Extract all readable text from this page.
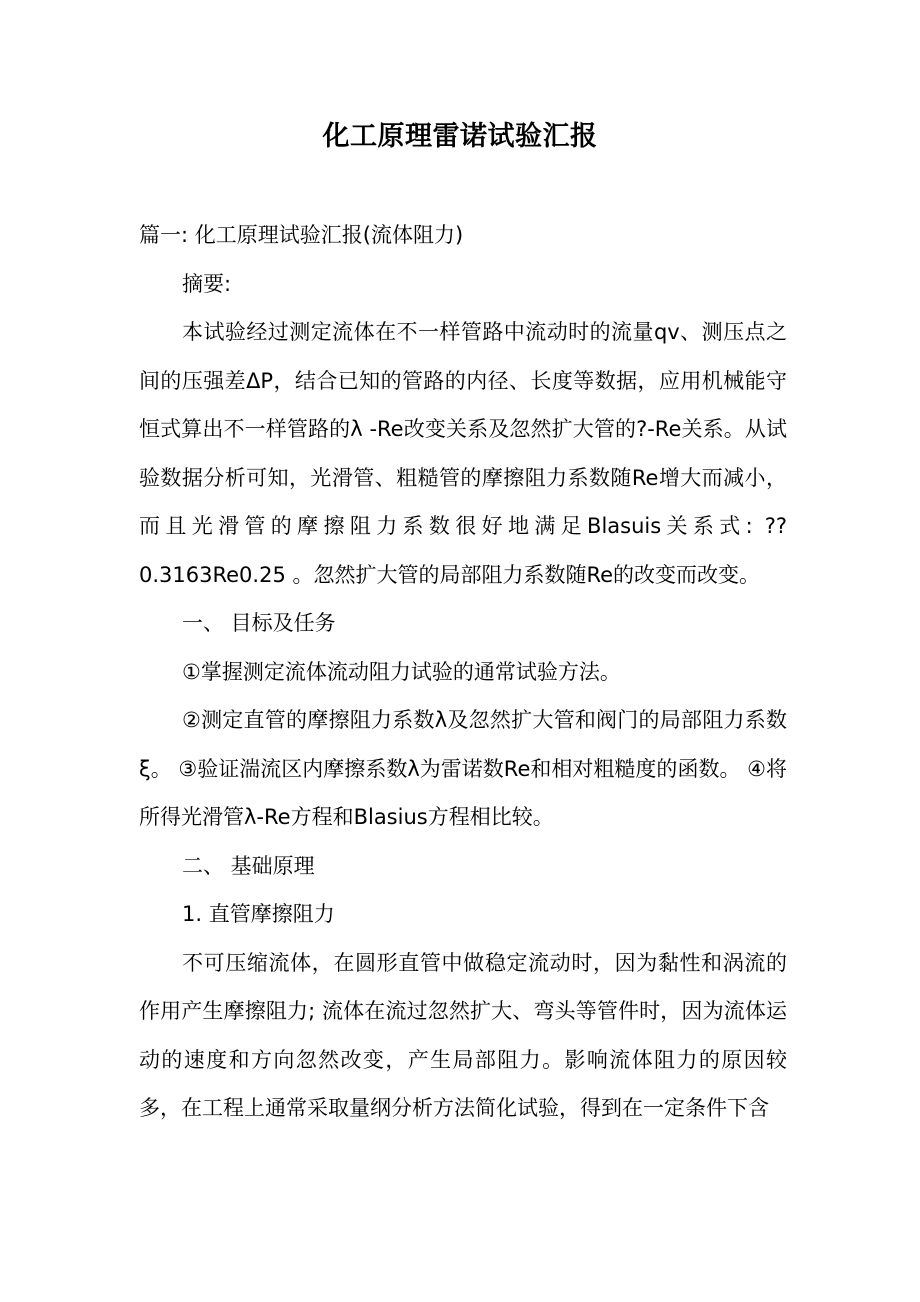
化工原理雷诺试验汇报

篇一: 化工原理试验汇报(流体阻力)

摘要:

本试验经过测定流体在不一样管路中流动时的流量qv、测压点之间的压强差ΔP，结合已知的管路的内径、长度等数据，应用机械能守恒式算出不一样管路的λ -Re改变关系及忽然扩大管的?-Re关系。从试验数据分析可知，光滑管、粗糙管的摩擦阻力系数随Re增大而减小，而且光滑管的摩擦阻力系数很好地满足Blasuis关系式: ??0.3163Re0.25 。忽然扩大管的局部阻力系数随Re的改变而改变。

一、 目标及任务

①掌握测定流体流动阻力试验的通常试验方法。

②测定直管的摩擦阻力系数λ及忽然扩大管和阀门的局部阻力系数ξ。 ③验证湍流区内摩擦系数λ为雷诺数Re和相对粗糙度的函数。 ④将所得光滑管λ-Re方程和Blasius方程相比较。

二、 基础原理

1. 直管摩擦阻力

不可压缩流体，在圆形直管中做稳定流动时，因为黏性和涡流的作用产生摩擦阻力; 流体在流过忽然扩大、弯头等管件时，因为流体运动的速度和方向忽然改变，产生局部阻力。影响流体阻力的原因较多，在工程上通常采取量纲分析方法简化试验，得到在一定条件下含
